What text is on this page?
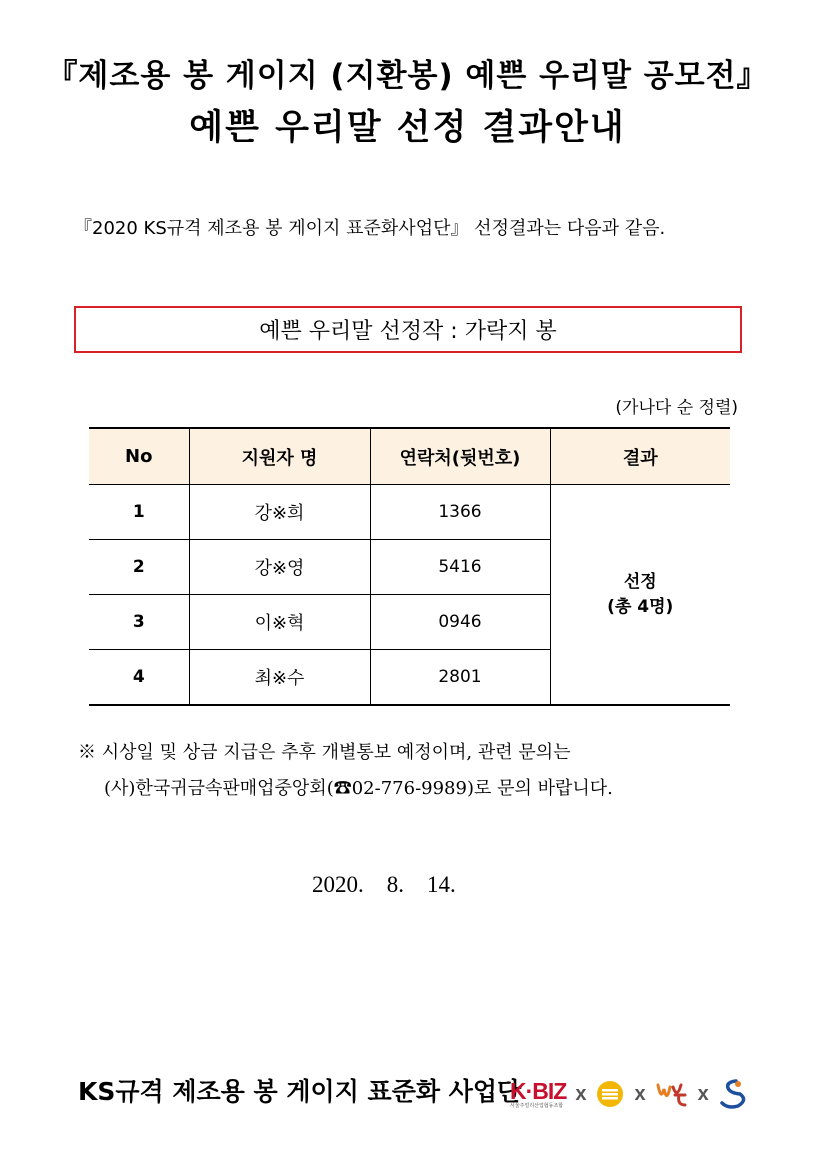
『제조용 봉 게이지 (지환봉) 예쁜 우리말 공모전』
예쁜 우리말 선정 결과안내
『2020 KS규격 제조용 봉 게이지 표준화사업단』 선정결과는 다음과 같음.
예쁜 우리말 선정작 : 가락지 봉
(가나다 순 정렬)
No	지원자 명	연락처(뒷번호)	결과
1	강※희	1366	선정
(총 4명)

2	강※영	5416	
3	이※혁	0946	
4	최※수	2801	
※ 시상일 및 상금 지급은 추후 개별통보 예정이며, 관련 문의는
(사)한국귀금속판매업중앙회(☎02-776-9989)로 문의 바랍니다.
2020.    8.    14.
KS규격 제조용 봉 게이지 표준화 사업단
K·BIZ
서울주얼리산업협동조합
x x	x
